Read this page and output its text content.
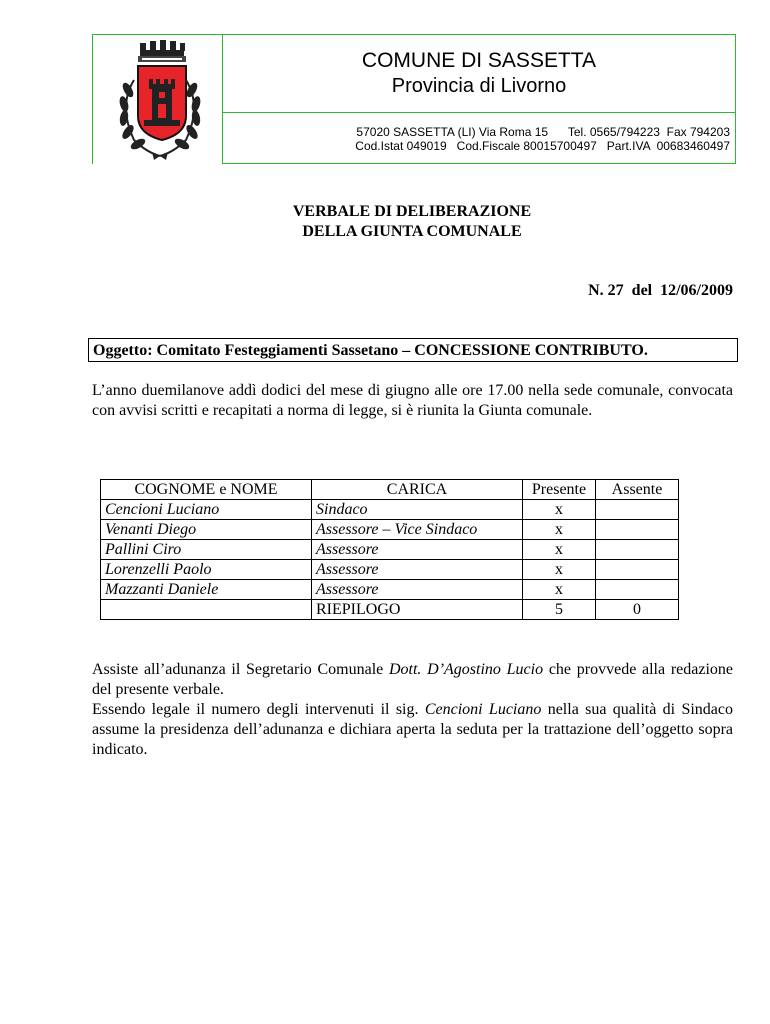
COMUNE DI SASSETTA
Provincia di Livorno
57020 SASSETTA (LI) Via Roma 15      Tel. 0565/794223  Fax 794203
Cod.Istat 049019   Cod.Fiscale 80015700497   Part.IVA  00683460497
VERBALE DI DELIBERAZIONE
DELLA GIUNTA COMUNALE
N. 27  del  12/06/2009
Oggetto: Comitato Festeggiamenti Sassetano – CONCESSIONE CONTRIBUTO.
L’anno duemilanove addì dodici del mese di giugno alle ore 17.00 nella sede comunale, convocata con avvisi scritti e recapitati a norma di legge, si è riunita la Giunta comunale.
COGNOME e NOME	CARICA	Presente	Assente
Cencioni Luciano	Sindaco	x	
Venanti Diego	Assessore – Vice Sindaco	x	
Pallini Ciro	Assessore	x	
Lorenzelli Paolo	Assessore	x	
Mazzanti Daniele	Assessore	x	
	RIEPILOGO	5	0
Assiste all’adunanza il Segretario Comunale Dott. D’Agostino Lucio che provvede alla redazione del presente verbale.
Essendo legale il numero degli intervenuti il sig. Cencioni Luciano nella sua qualità di Sindaco assume la presidenza dell’adunanza e dichiara aperta la seduta per la trattazione dell’oggetto sopra indicato.
